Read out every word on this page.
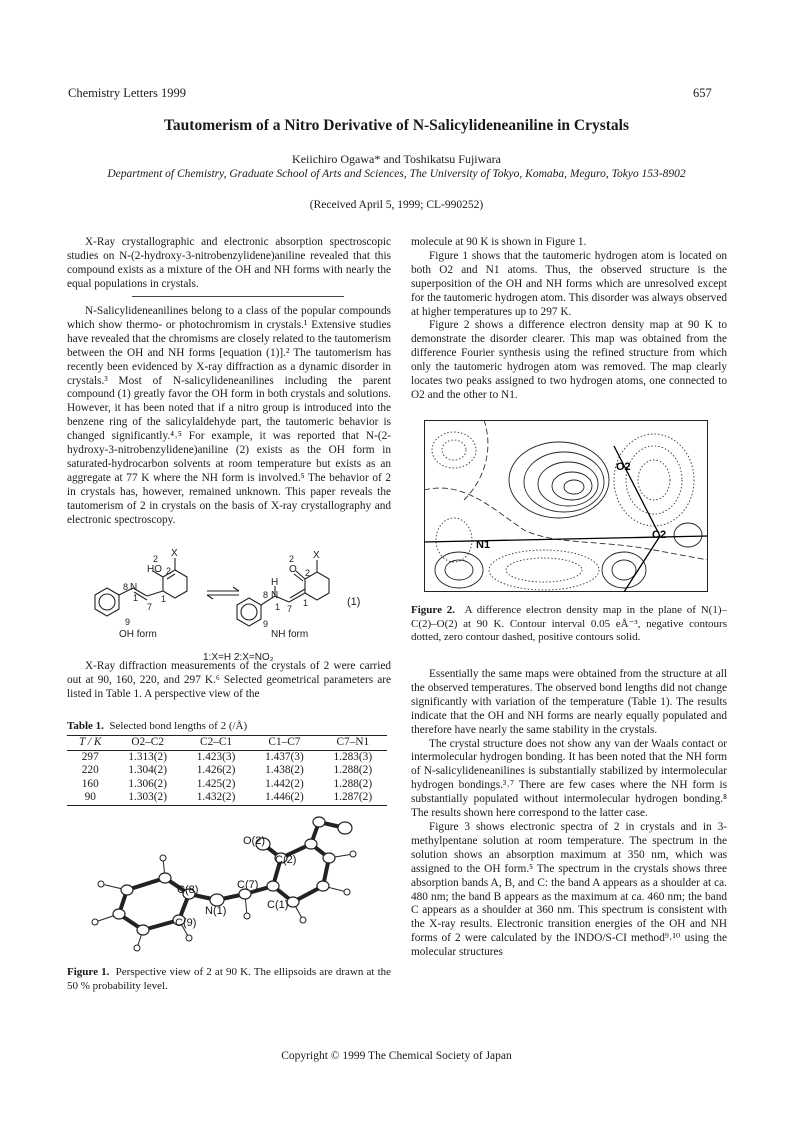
Chemistry Letters 1999	657
Tautomerism of a Nitro Derivative of N-Salicylideneaniline in Crystals
Keiichiro Ogawa* and Toshikatsu Fujiwara
Department of Chemistry, Graduate School of Arts and Sciences, The University of Tokyo, Komaba, Meguro, Tokyo 153-8902
(Received April 5, 1999; CL-990252)

X-Ray crystallographic and electronic absorption spectroscopic studies on N-(2-hydroxy-3-nitrobenzylidene)aniline revealed that this compound exists as a mixture of the OH and NH forms with nearly the equal populations in crystals.

N-Salicylideneanilines belong to a class of the popular compounds which show thermo- or photochromism in crystals.¹ Extensive studies have revealed that the chromisms are closely related to the tautomerism between the OH and NH forms [equation (1)].² The tautomerism has recently been evidenced by X-ray diffraction as a dynamic disorder in crystals.³ Most of N-salicylideneanilines including the parent compound (1) greatly favor the OH form in both crystals and solutions. However, it has been noted that if a nitro group is introduced into the benzene ring of the salicylaldehyde part, the tautomeric behavior is changed significantly.⁴˒⁵ For example, it was reported that N-(2-hydroxy-3-nitrobenzylidene)aniline (2) exists as the OH form in saturated-hydrocarbon solvents at room temperature but exists as an aggregate at 77 K where the NH form is involved.⁵ The behavior of 2 in crystals has, however, remained unknown. This paper reveals the tautomerism of 2 in crystals on the basis of X-ray crystallography and electronic spectroscopy.

X
HO
2
2
8 N
1	1
7
9
OH form
X
O
2
2
H
8 N
1	1
7
9
NH form
(1)
1:X=H 2:X=NO₂

X-Ray diffraction measurements of the crystals of 2 were carried out at 90, 160, 220, and 297 K.⁶ Selected geometrical parameters are listed in Table 1. A perspective view of the

Table 1. Selected bond lengths of 2 (/Å)
T / K	O2–C2	C2–C1	C1–C7	C7–N1
297	1.313(2)	1.423(3)	1.437(3)	1.283(3)
220	1.304(2)	1.426(2)	1.438(2)	1.288(2)
160	1.306(2)	1.425(2)	1.442(2)	1.288(2)
90	1.303(2)	1.432(2)	1.446(2)	1.287(2)
O(2)
C(2)
C(8)	C(7)
N(1)	C(1)
C(9)
Figure 1. Perspective view of 2 at 90 K. The ellipsoids are drawn at the 50 % probability level.

molecule at 90 K is shown in Figure 1.

Figure 1 shows that the tautomeric hydrogen atom is located on both O2 and N1 atoms. Thus, the observed structure is the superposition of the OH and NH forms which are unresolved except for the tautomeric hydrogen atom. This disorder was always observed at higher temperatures up to 297 K.

Figure 2 shows a difference electron density map at 90 K to demonstrate the disorder clearer. This map was obtained from the difference Fourier synthesis using the refined structure from which only the tautomeric hydrogen atom was removed. The map clearly locates two peaks assigned to two hydrogen atoms, one connected to O2 and the other to N1.

O2
C2
N1
Figure 2. A difference electron density map in the plane of N(1)–C(2)–O(2) at 90 K. Contour interval 0.05 eÅ⁻³, negative contours dotted, zero contour dashed, positive contours solid.

Essentially the same maps were obtained from the structure at all the observed temperatures. The observed bond lengths did not change significantly with variation of the temperature (Table 1). The results indicate that the OH and NH forms are nearly equally populated and therefore have nearly the same stability in the crystals.

The crystal structure does not show any van der Waals contact or intermolecular hydrogen bonding. It has been noted that the NH form of N-salicylideneanilines is substantially stabilized by intermolecular hydrogen bondings.³˒⁷ There are few cases where the NH form is substantially populated without intermolecular hydrogen bonding.⁸ The results shown here correspond to the latter case.

Figure 3 shows electronic spectra of 2 in crystals and in 3-methylpentane solution at room temperature. The spectrum in the solution shows an absorption maximum at 350 nm, which was assigned to the OH form.⁵ The spectrum in the crystals shows three absorption bands A, B, and C: the band A appears as a shoulder at ca. 480 nm; the band B appears as the maximum at ca. 460 nm; the band C appears as a shoulder at 360 nm. This spectrum is consistent with the X-ray results. Electronic transition energies of the OH and NH forms of 2 were calculated by the INDO/S-CI method⁹˒¹⁰ using the molecular structures

Copyright © 1999 The Chemical Society of Japan
